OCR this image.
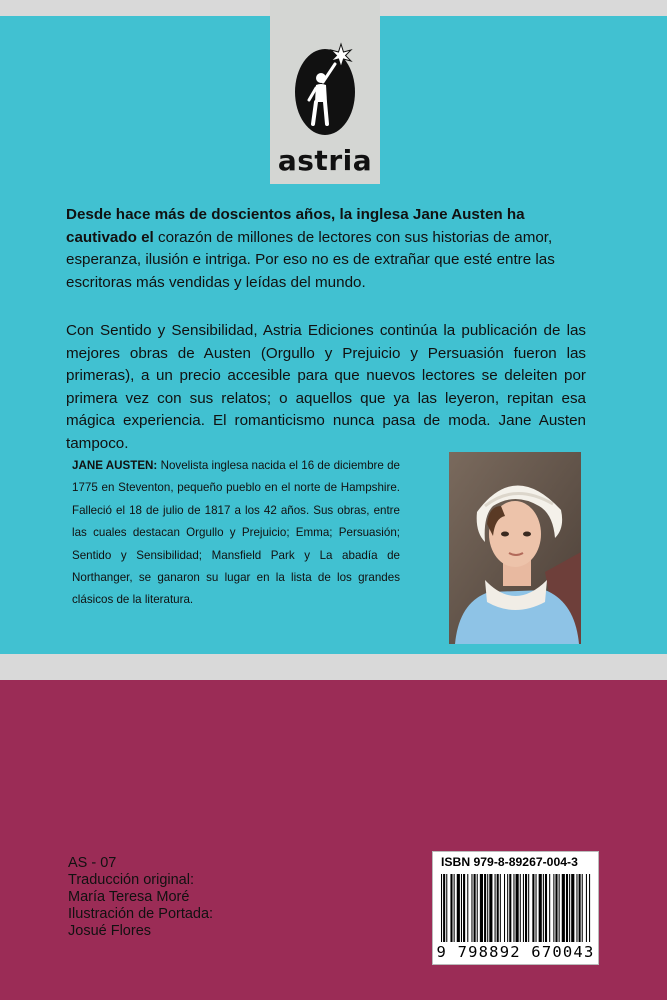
astria

Desde hace más de doscientos años, la inglesa Jane Austen ha cautivado el corazón de millones de lectores con sus historias de amor, esperanza, ilusión e intriga. Por eso no es de extrañar que esté entre las escritoras más vendidas y leídas del mundo.

Con Sentido y Sensibilidad, Astria Ediciones continúa la publicación de las mejores obras de Austen (Orgullo y Prejuicio y Persuasión fueron las primeras), a un precio accesible para que nuevos lectores se deleiten por primera vez con sus relatos; o aquellos que ya las leyeron, repitan esa mágica experiencia. El romanticismo nunca pasa de moda. Jane Austen tampoco.

JANE AUSTEN: Novelista inglesa nacida el 16 de diciembre de 1775 en Steventon, pequeño pueblo en el norte de Hampshire. Falleció el 18 de julio de 1817 a los 42 años. Sus obras, entre las cuales destacan Orgullo y Prejuicio; Emma; Persuasión; Sentido y Sensibilidad; Mansfield Park y La abadía de Northanger, se ganaron su lugar en la lista de los grandes clásicos de la literatura.

AS - 07
Traducción original:
María Teresa Moré
Ilustración de Portada:
Josué Flores
ISBN 979-8-89267-004-3
9 798892 670043
